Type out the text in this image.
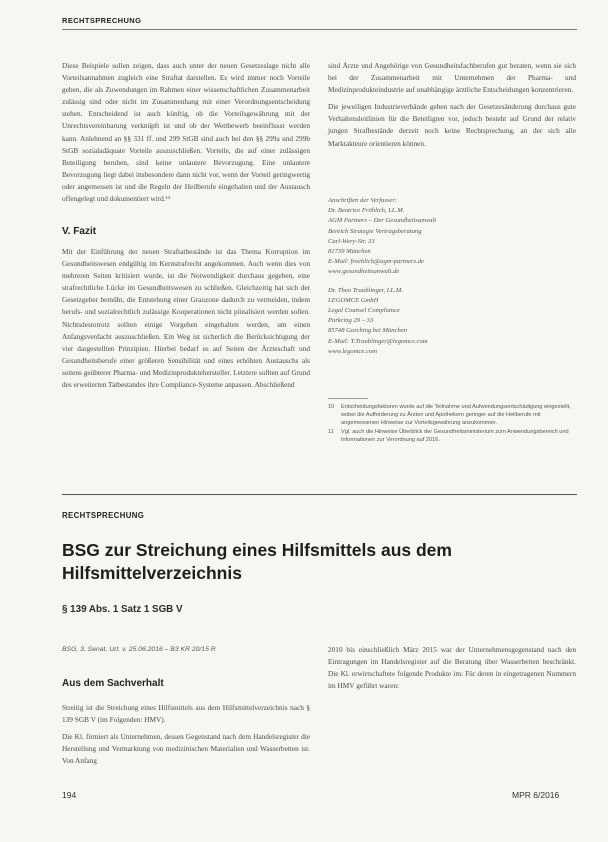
RECHTSPRECHUNG

Diese Beispiele sollen zeigen, dass auch unter der neuen Gesetzeslage nicht alle Vorteilsannahmen zugleich eine Straftat darstellen. Es wird immer noch Vorteile geben, die als Zuwendungen im Rahmen einer wissenschaftlichen Zusammenarbeit zulässig sind oder nicht im Zusammenhang mit einer Verordnungsentscheidung stehen. Entscheidend ist auch künftig, ob die Vorteilsgewährung mit der Unrechtsvereinbarung verknüpft ist und ob der Wettbewerb beeinflusst werden kann. Anlehnend an §§ 331 ff. und 299 StGB sind auch bei den §§ 299a und 299b StGB sozialadäquate Vorteile auszuschließen. Vorteile, die auf einer zulässigen Beteiligung beruhen, sind keine unlautere Bevorzugung. Eine unlautere Bevorzugung liegt dabei insbesondere dann nicht vor, wenn der Vorteil geringwertig oder angemessen ist und die Regeln der Heilberufe eingehalten und der Austausch offengelegt und dokumentiert wird.¹³

V. Fazit

Mit der Einführung der neuen Straftatbestände ist das Thema Korruption im Gesundheitswesen endgültig im Kernstrafrecht angekommen. Auch wenn dies von mehreren Seiten kritisiert wurde, ist die Notwendigkeit durchaus gegeben, eine strafrechtliche Lücke im Gesundheitswesen zu schließen. Gleichzeitig hat sich der Gesetzgeber bemüht, die Entstehung einer Grauzone dadurch zu vermeiden, indem berufs- und sozialrechtlich zulässige Kooperationen nicht pönalisiert werden sollen. Nichtsdestotrotz sollten einige Vorgehen eingehalten werden, um einen Anfangsverdacht auszuschließen. Ein Weg ist sicherlich die Berücksichtigung der vier dargestellten Prinzipien. Hierbei bedarf es auf Seiten der Ärzteschaft und Gesundheitsberufe einer größeren Sensibilität und eines erhöhten Austauschs als seitens geübterer Pharma- und Medizinproduktehersteller. Letztere sollten auf Grund des erweiterten Tatbestandes ihre Compliance-Systeme anpassen. Abschließend

sind Ärzte und Angehörige von Gesundheitsfachberufen gut beraten, wenn sie sich bei der Zusammenarbeit mit Unternehmen der Pharma- und Medizinprodukteindustrie auf unabhängige ärztliche Entscheidungen konzentrieren.

Die jeweiligen Industrieverbände geben nach der Gesetzesänderung durchaus gute Verhaltensleitlinien für die Beteiligten vor, jedoch besteht auf Grund der relativ jungen Strafbestände derzeit noch keine Rechtsprechung, an der sich alle Marktakteure orientieren können.

Anschriften der Verfasser:
Dr. Beatrice Fröhlich, LL.M.
AGM Partners – Der Gesundheitsanwalt
Bereich Strategie Vertragsberatung
Carl-Wery-Str. 33
81739 München
E-Mail: froehlich@agm-partners.de
www.gesundheitsanwalt.de
Dr. Theo Traublinger, LL.M.
LEGOMCE GmbH
Legal Counsel Compliance
Parkring 29 – 33
85748 Garching bei München
E-Mail: T.Traublinger@legomce.com
www.legomce.com
10	Entscheidungsfaktoren wurde auf die Teilnahme und Aufwendungsentschädigung eingestellt, wobei die Aufforderung zu Ärzten und Apothekern geringer auf die Heilberufe mit angemessenen Hinweise zur Vorteilsgewährung anzukommen.
11	Vgl. auch die Hinweise Überblick der Gesundheitsministerium zum Anwendungsbereich und Informationen zur Verordnung auf 2016.
RECHTSPRECHUNG
BSG zur Streichung eines Hilfsmittels aus dem Hilfsmittelverzeichnis
§ 139 Abs. 1 Satz 1 SGB V
BSG, 3. Senat, Urt. v. 25.06.2016 – B3 KR 20/15 R
Aus dem Sachverhalt

Streitig ist die Streichung eines Hilfsmittels aus dem Hilfsmittelverzeichnis nach § 139 SGB V (im Folgenden: HMV).

Die Kl. firmiert als Unternehmen, dessen Gegenstand nach dem Handelsregister die Herstellung und Vermarktung von medizinischen Materialien und Wasserbetten ist. Von Anfang

2010 bis einschließlich März 2015 war der Unternehmensgegenstand nach den Eintragungen im Handelsregister auf die Beratung über Wasserbetten beschränkt. Die Kl. erwirtschaftete folgende Produkte im: Für deren in eingetragenen Nummern im HMV geführt waren:

194	MPR 6/2016
